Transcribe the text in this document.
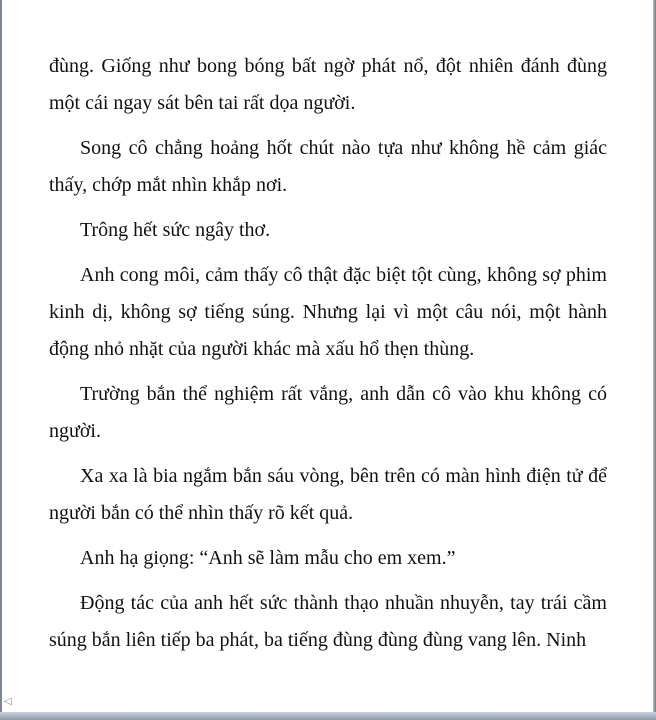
đùng. Giống như bong bóng bất ngờ phát nổ, đột nhiên đánh đùng một cái ngay sát bên tai rất dọa người.

Song cô chẳng hoảng hốt chút nào tựa như không hề cảm giác thấy, chớp mắt nhìn khắp nơi.

Trông hết sức ngây thơ.

Anh cong môi, cảm thấy cô thật đặc biệt tột cùng, không sợ phim kinh dị, không sợ tiếng súng. Nhưng lại vì một câu nói, một hành động nhỏ nhặt của người khác mà xấu hổ thẹn thùng.

Trường bắn thể nghiệm rất vắng, anh dẫn cô vào khu không có người.

Xa xa là bia ngắm bắn sáu vòng, bên trên có màn hình điện tử để người bắn có thể nhìn thấy rõ kết quả.

Anh hạ giọng: “Anh sẽ làm mẫu cho em xem.”

Động tác của anh hết sức thành thạo nhuần nhuyễn, tay trái cầm súng bắn liên tiếp ba phát, ba tiếng đùng đùng đùng vang lên. Ninh

◁
